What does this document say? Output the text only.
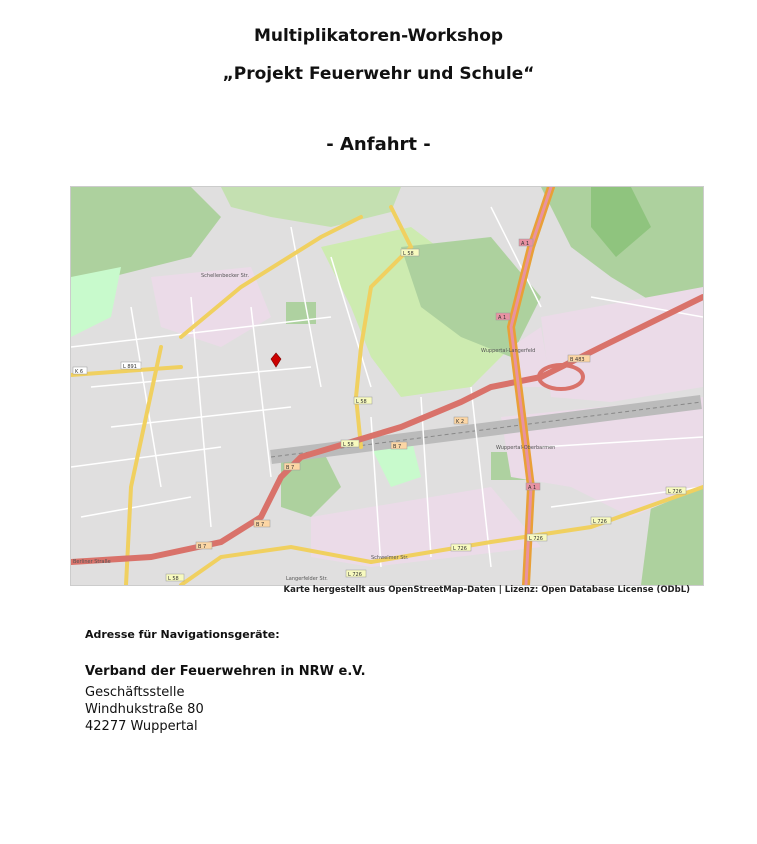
Multiplikatoren-Workshop
„Projekt Feuerwehr und Schule“
- Anfahrt -
L 891
K 6
L 58
L 58
L 58	B 7
B 7
B 7
B 7
K 2
A 1
A 1
A 1
B 483
L 726
L 726
L 726
L 726
L 726
L 58
Wuppertal-Langerfeld
Wuppertal-Oberbarmen
Berliner Straße
Schwelmer Str.
Langerfelder Str.
Schellenbecker Str.
Karte hergestellt aus OpenStreetMap-Daten | Lizenz: Open Database License (ODbL)
Adresse für Navigationsgeräte:
Verband der Feuerwehren in NRW e.V.
Geschäftsstelle
Windhukstraße 80
42277 Wuppertal
